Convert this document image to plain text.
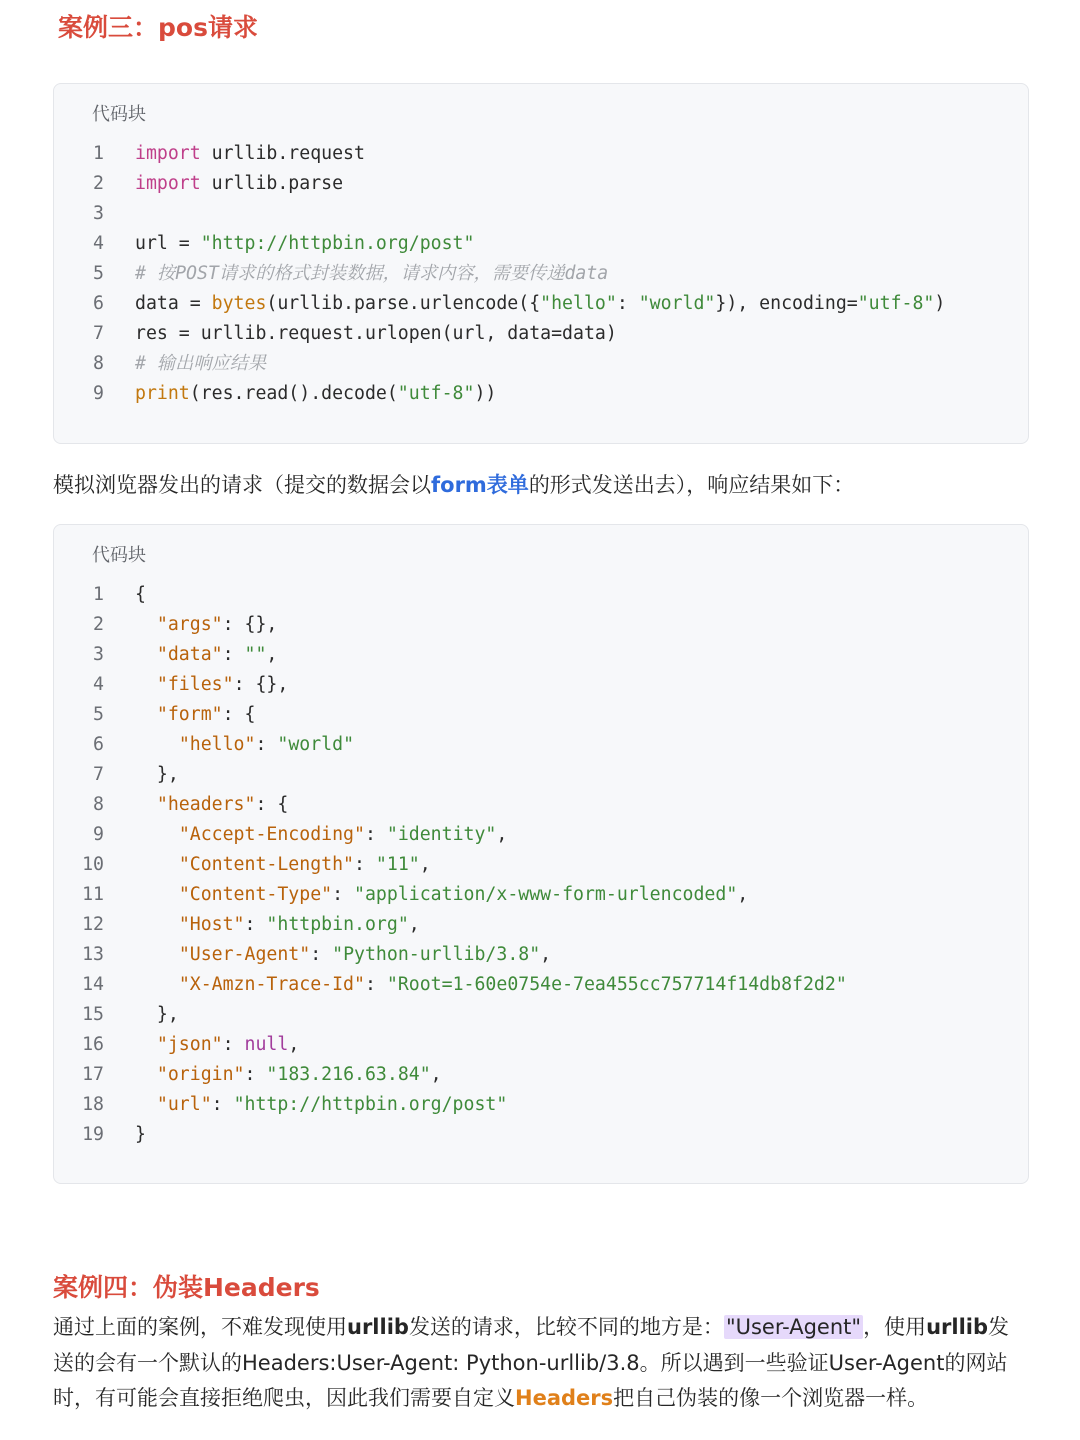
案例三：pos请求
代码块
1 import urllib.request
2 import urllib.parse
3
4 url = "http://httpbin.org/post"
5 # 按POST请求的格式封装数据，请求内容，需要传递data
6 data = bytes(urllib.parse.urlencode({"hello": "world"}), encoding="utf-8")
7 res = urllib.request.urlopen(url, data=data)
8 # 输出响应结果
9 print(res.read().decode("utf-8"))
模拟浏览器发出的请求（提交的数据会以form表单的形式发送出去），响应结果如下：
代码块
1 {
2	"args": {},
3	"data": "",
4	"files": {},
5	"form": {
6	"hello": "world"
7 },
8	"headers": {
9	"Accept-Encoding": "identity",
10	"Content-Length": "11",
11	"Content-Type": "application/x-www-form-urlencoded",
12	"Host": "httpbin.org",
13	"User-Agent": "Python-urllib/3.8",
14	"X-Amzn-Trace-Id": "Root=1-60e0754e-7ea455cc757714f14db8f2d2"
15 },
16	"json": null,
17	"origin": "183.216.63.84",
18	"url": "http://httpbin.org/post"
19 }
案例四：伪装Headers
通过上面的案例，不难发现使用urllib发送的请求，比较不同的地方是："User-Agent"，使用urllib发送的会有一个默认的Headers:User-Agent: Python-urllib/3.8。所以遇到一些验证User-Agent的网站时，有可能会直接拒绝爬虫，因此我们需要自定义Headers把自己伪装的像一个浏览器一样。
